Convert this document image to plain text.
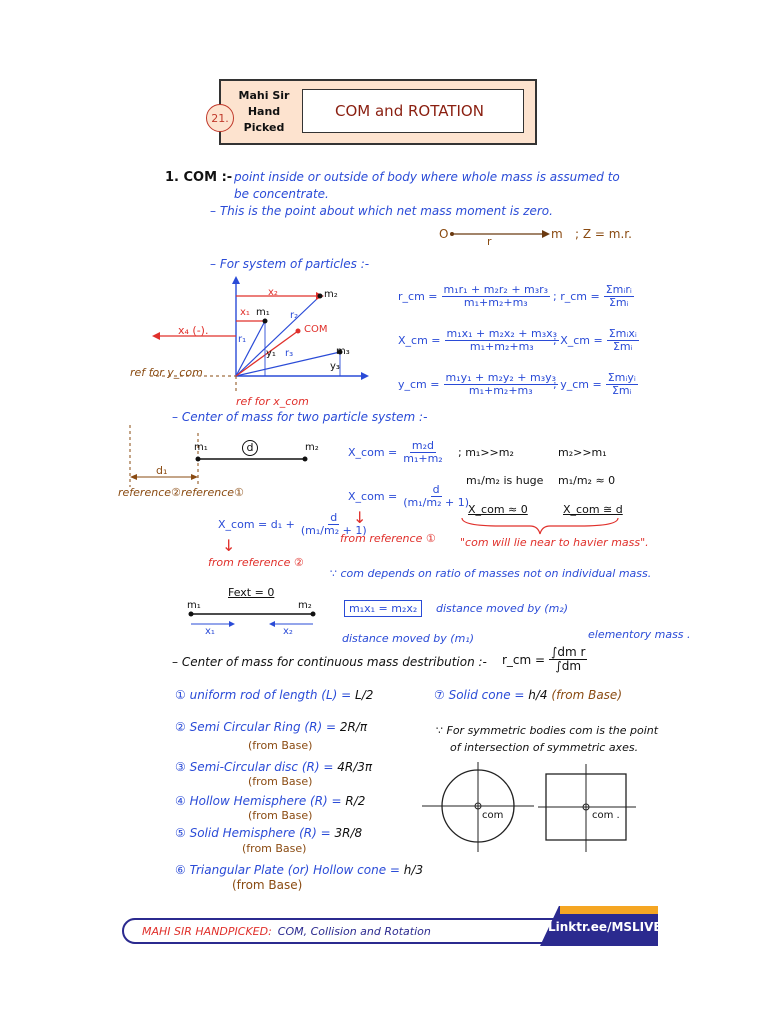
Mahi Sir
Hand
Picked
21.	COM and ROTATION
1. COM :- point inside or outside of body where whole mass is assumed to
be concentrate.
– This is the point about which net mass moment is zero.
O
r
m ; Z = m.r.
– For system of particles :-
x₂	m₂
x₁ m₁ r₂
COM
x₄ (-).
r₁
y₁ r₃	m₃
y₃
ref for y_com
ref for x_com
r_cm = $\frac{\text{m₁r₁ + m₂r₂ + m₃r₃}}{\text{m₁+m₂+m₃}}$ ; r_cm = $\frac{\text{Σmᵢrᵢ}}{\text{Σmᵢ}}$
X_cm = $\frac{\text{m₁x₁ + m₂x₂ + m₃x₃}}{\text{m₁+m₂+m₃}}$
; X_cm = $\frac{\text{Σmᵢxᵢ}}{\text{Σmᵢ}}$
y_cm = $\frac{\text{m₁y₁ + m₂y₂ + m₃y₃}}{\text{m₁+m₂+m₃}}$
; y_cm = $\frac{\text{Σmᵢyᵢ}}{\text{Σmᵢ}}$
– Center of mass for two particle system :-
m₁	d	m₂
d₁
reference② reference①
X_com = $\frac{\text{m₂d}}{\text{m₁+m₂}}$
X_com = $\frac{d}{\text{(m₁/m₂ + 1)}}$
↓
from reference ①
X_com = $d_1 + \frac{d}{\text{(m₁/m₂ + 1)}}$
↓
from reference ②
; m₁>>m₂	m₂>>m₁
m₁/m₂ is huge m₁/m₂ ≈ 0
X_com ≈ 0	X_com ≅ d
"com will lie near to havier mass".
∵ com depends on ratio of masses not on individual mass.
Fext = 0
m₁	m₂
x₁	x₂
m₁x₁ = m₂x₂	distance moved by (m₂)
distance moved by (m₁)
– Center of mass for continuous mass destribution :- r_cm = $\frac{\text{∫dm r}}{\int dm}$
elementory mass .
① uniform rod of length (L) = L/2
② Semi Circular Ring (R) = 2R/π
(from Base)
③ Semi-Circular disc (R) = 4R/3π
(from Base)
④ Hollow Hemisphere (R) = R/2
(from Base)
⑤ Solid Hemisphere (R) = 3R/8
(from Base)
⑥ Triangular Plate (or) Hollow cone = h/3
(from Base)
⑦ Solid cone = h/4 (from Base)
∵ For symmetric bodies com is the point
of intersection of symmetric axes.
com	com .
MAHI SIR HANDPICKED: COM, Collision and Rotation	Linktr.ee/MSLIVE
